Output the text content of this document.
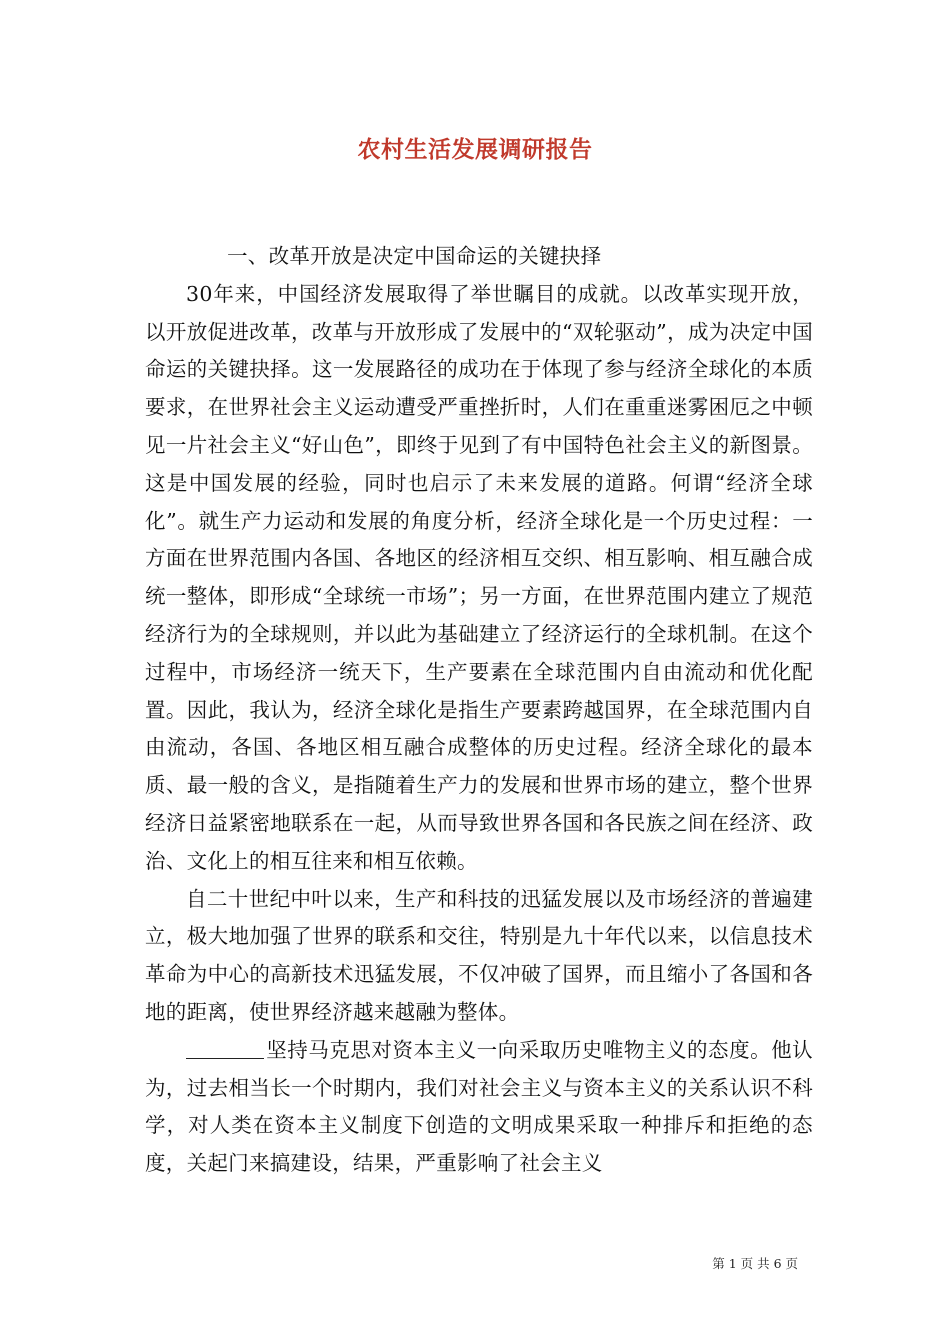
农村生活发展调研报告

一、改革开放是决定中国命运的关键抉择

30年来，中国经济发展取得了举世瞩目的成就。以改革实现开放，以开放促进改革，改革与开放形成了发展中的“双轮驱动”，成为决定中国命运的关键抉择。这一发展路径的成功在于体现了参与经济全球化的本质要求，在世界社会主义运动遭受严重挫折时，人们在重重迷雾困厄之中顿见一片社会主义“好山色”，即终于见到了有中国特色社会主义的新图景。这是中国发展的经验，同时也启示了未来发展的道路。何谓“经济全球化”。就生产力运动和发展的角度分析，经济全球化是一个历史过程：一方面在世界范围内各国、各地区的经济相互交织、相互影响、相互融合成统一整体，即形成“全球统一市场”；另一方面，在世界范围内建立了规范经济行为的全球规则，并以此为基础建立了经济运行的全球机制。在这个过程中，市场经济一统天下，生产要素在全球范围内自由流动和优化配置。因此，我认为，经济全球化是指生产要素跨越国界，在全球范围内自由流动，各国、各地区相互融合成整体的历史过程。经济全球化的最本质、最一般的含义，是指随着生产力的发展和世界市场的建立，整个世界经济日益紧密地联系在一起，从而导致世界各国和各民族之间在经济、政治、文化上的相互往来和相互依赖。

自二十世纪中叶以来，生产和科技的迅猛发展以及市场经济的普遍建立，极大地加强了世界的联系和交往，特别是九十年代以来，以信息技术革命为中心的高新技术迅猛发展，不仅冲破了国界，而且缩小了各国和各地的距离，使世界经济越来越融为整体。

坚持马克思对资本主义一向采取历史唯物主义的态度。他认为，过去相当长一个时期内，我们对社会主义与资本主义的关系认识不科学，对人类在资本主义制度下创造的文明成果采取一种排斥和拒绝的态度，关起门来搞建设，结果，严重影响了社会主义

第 1 页 共 6 页
